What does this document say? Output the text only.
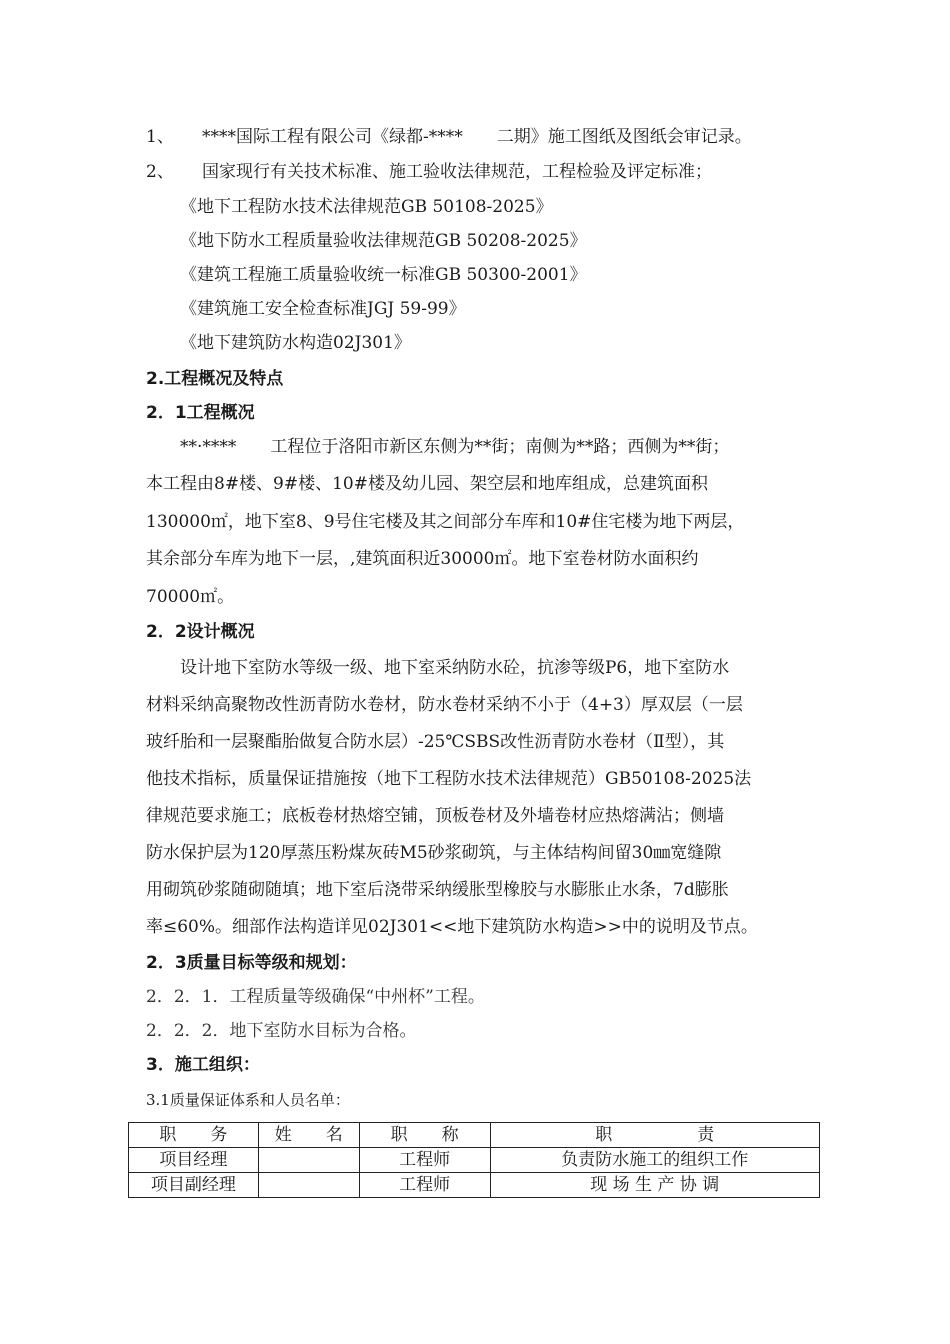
1、 ****国际工程有限公司《绿都-****　　二期》施工图纸及图纸会审记录。
2、 国家现行有关技术标准、施工验收法律规范，工程检验及评定标准；
《地下工程防水技术法律规范GB 50108-2025》
《地下防水工程质量验收法律规范GB 50208-2025》
《建筑工程施工质量验收统一标准GB 50300-2001》
《建筑施工安全检查标准JGJ 59-99》
《地下建筑防水构造02J301》
2.工程概况及特点
2．1工程概况
**·****　　工程位于洛阳市新区东侧为**街；南侧为**路；西侧为**街；
本工程由8#楼、9#楼、10#楼及幼儿园、架空层和地库组成，总建筑面积
130000㎡，地下室8、9号住宅楼及其之间部分车库和10#住宅楼为地下两层，
其余部分车库为地下一层，,建筑面积近30000㎡。地下室卷材防水面积约
70000㎡。
2．2设计概况
设计地下室防水等级一级、地下室采纳防水砼，抗渗等级P6，地下室防水
材料采纳高聚物改性沥青防水卷材，防水卷材采纳不小于（4+3）厚双层（一层
玻纤胎和一层聚酯胎做复合防水层）-25℃SBS改性沥青防水卷材（Ⅱ型），其
他技术指标，质量保证措施按（地下工程防水技术法律规范）GB50108-2025法
律规范要求施工；底板卷材热熔空铺，顶板卷材及外墙卷材应热熔满沾；侧墙
防水保护层为120厚蒸压粉煤灰砖M5砂浆砌筑，与主体结构间留30㎜宽缝隙
用砌筑砂浆随砌随填；地下室后浇带采纳缓胀型橡胶与水膨胀止水条，7d膨胀
率≤60%。细部作法构造详见02J301<<地下建筑防水构造>>中的说明及节点。
2．3质量目标等级和规划：
2．2．1．工程质量等级确保“中州杯”工程。
2．2．2．地下室防水目标为合格。
3．施工组织：
3.1质量保证体系和人员名单：
职　　务	姓　　名	职　　称	职　　　　　责
项目经理		工程师	负责防水施工的组织工作
项目副经理		工程师	现 场 生 产 协 调
